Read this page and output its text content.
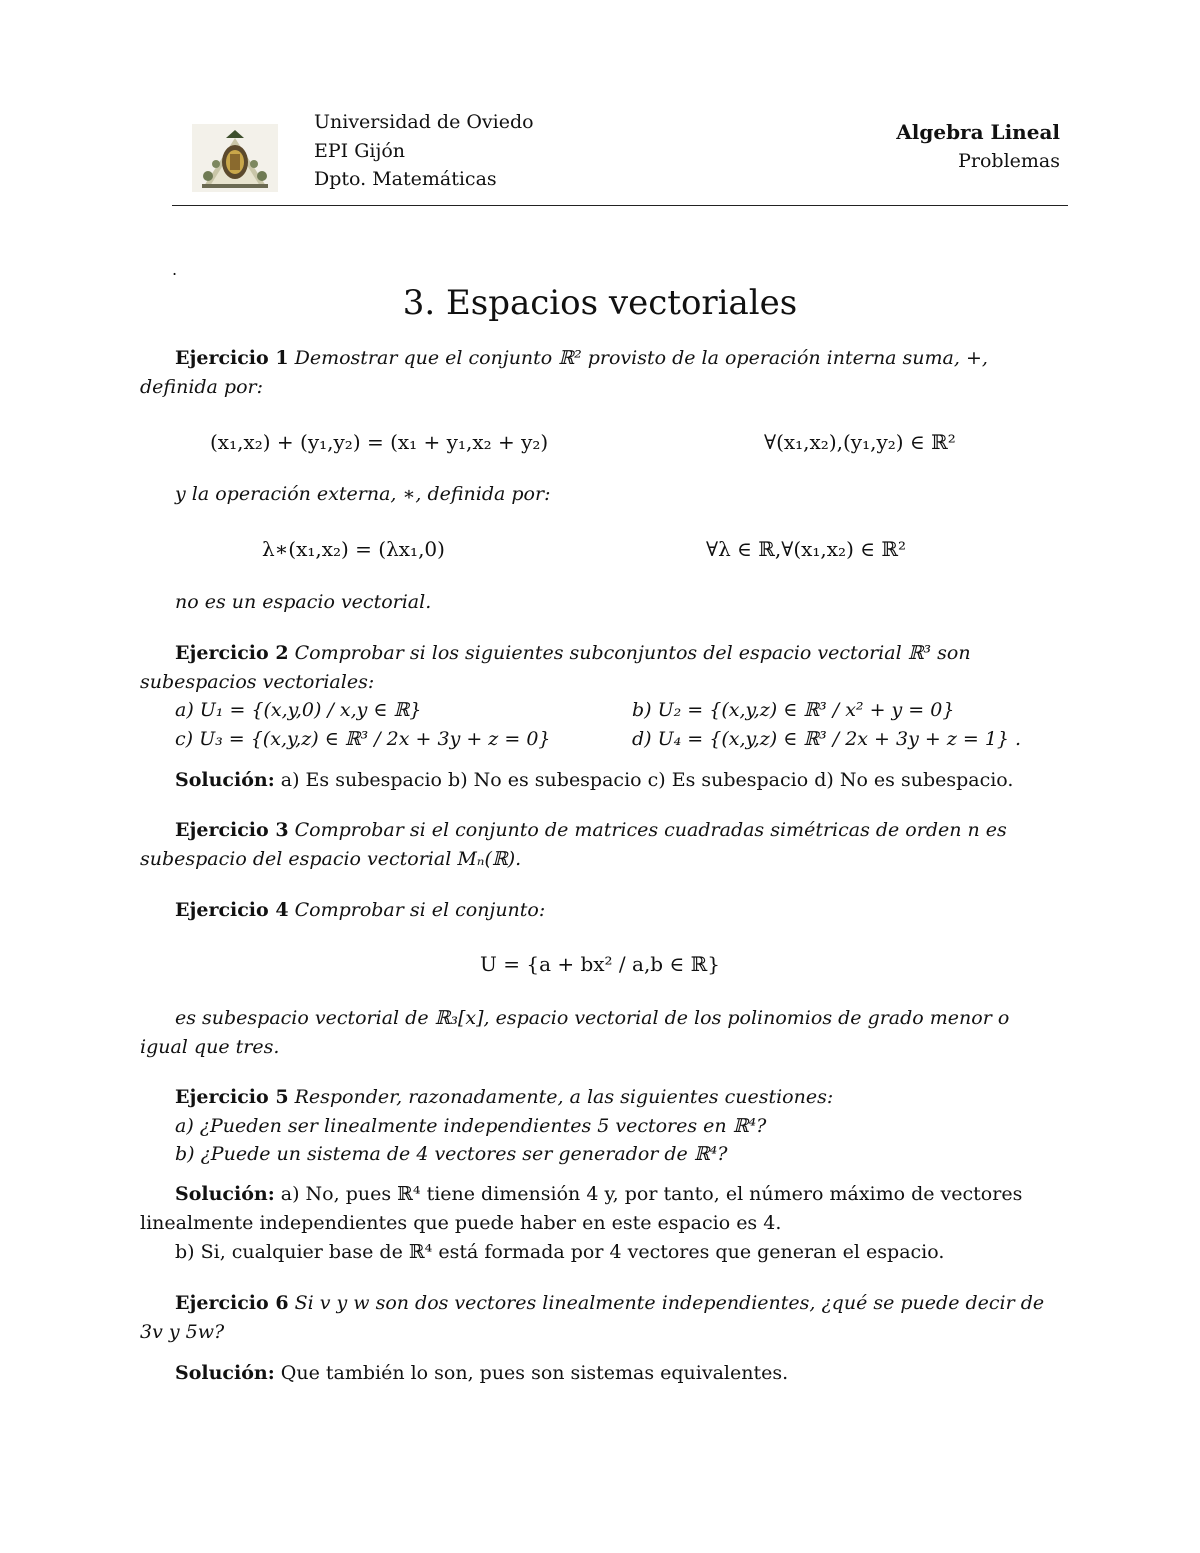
Universidad de Oviedo
EPI Gijón
Dpto. Matemáticas
Algebra Lineal
Problemas
.
3. Espacios vectoriales
Ejercicio 1 Demostrar que el conjunto ℝ² provisto de la operación interna suma, +, definida por:
(x₁,x₂) + (y₁,y₂) = (x₁ + y₁,x₂ + y₂)	∀(x₁,x₂),(y₁,y₂) ∈ ℝ²
y la operación externa, ∗, definida por:
λ∗(x₁,x₂) = (λx₁,0)	∀λ ∈ ℝ,∀(x₁,x₂) ∈ ℝ²
no es un espacio vectorial.
Ejercicio 2 Comprobar si los siguientes subconjuntos del espacio vectorial ℝ³ son subespacios vectoriales:
a) U₁ = {(x,y,0) / x,y ∈ ℝ}	b) U₂ = {(x,y,z) ∈ ℝ³ / x² + y = 0}
c) U₃ = {(x,y,z) ∈ ℝ³ / 2x + 3y + z = 0}	d) U₄ = {(x,y,z) ∈ ℝ³ / 2x + 3y + z = 1} .
Solución: a) Es subespacio b) No es subespacio c) Es subespacio d) No es subespacio.
Ejercicio 3 Comprobar si el conjunto de matrices cuadradas simétricas de orden n es subespacio del espacio vectorial Mₙ(ℝ).
Ejercicio 4 Comprobar si el conjunto:
U = {a + bx² / a,b ∈ ℝ}
es subespacio vectorial de ℝ₃[x], espacio vectorial de los polinomios de grado menor o igual que tres.
Ejercicio 5 Responder, razonadamente, a las siguientes cuestiones:
a) ¿Pueden ser linealmente independientes 5 vectores en ℝ⁴?
b) ¿Puede un sistema de 4 vectores ser generador de ℝ⁴?
Solución: a) No, pues ℝ⁴ tiene dimensión 4 y, por tanto, el número máximo de vectores linealmente independientes que puede haber en este espacio es 4.
b) Si, cualquier base de ℝ⁴ está formada por 4 vectores que generan el espacio.
Ejercicio 6 Si v y w son dos vectores linealmente independientes, ¿qué se puede decir de 3v y 5w?
Solución: Que también lo son, pues son sistemas equivalentes.
